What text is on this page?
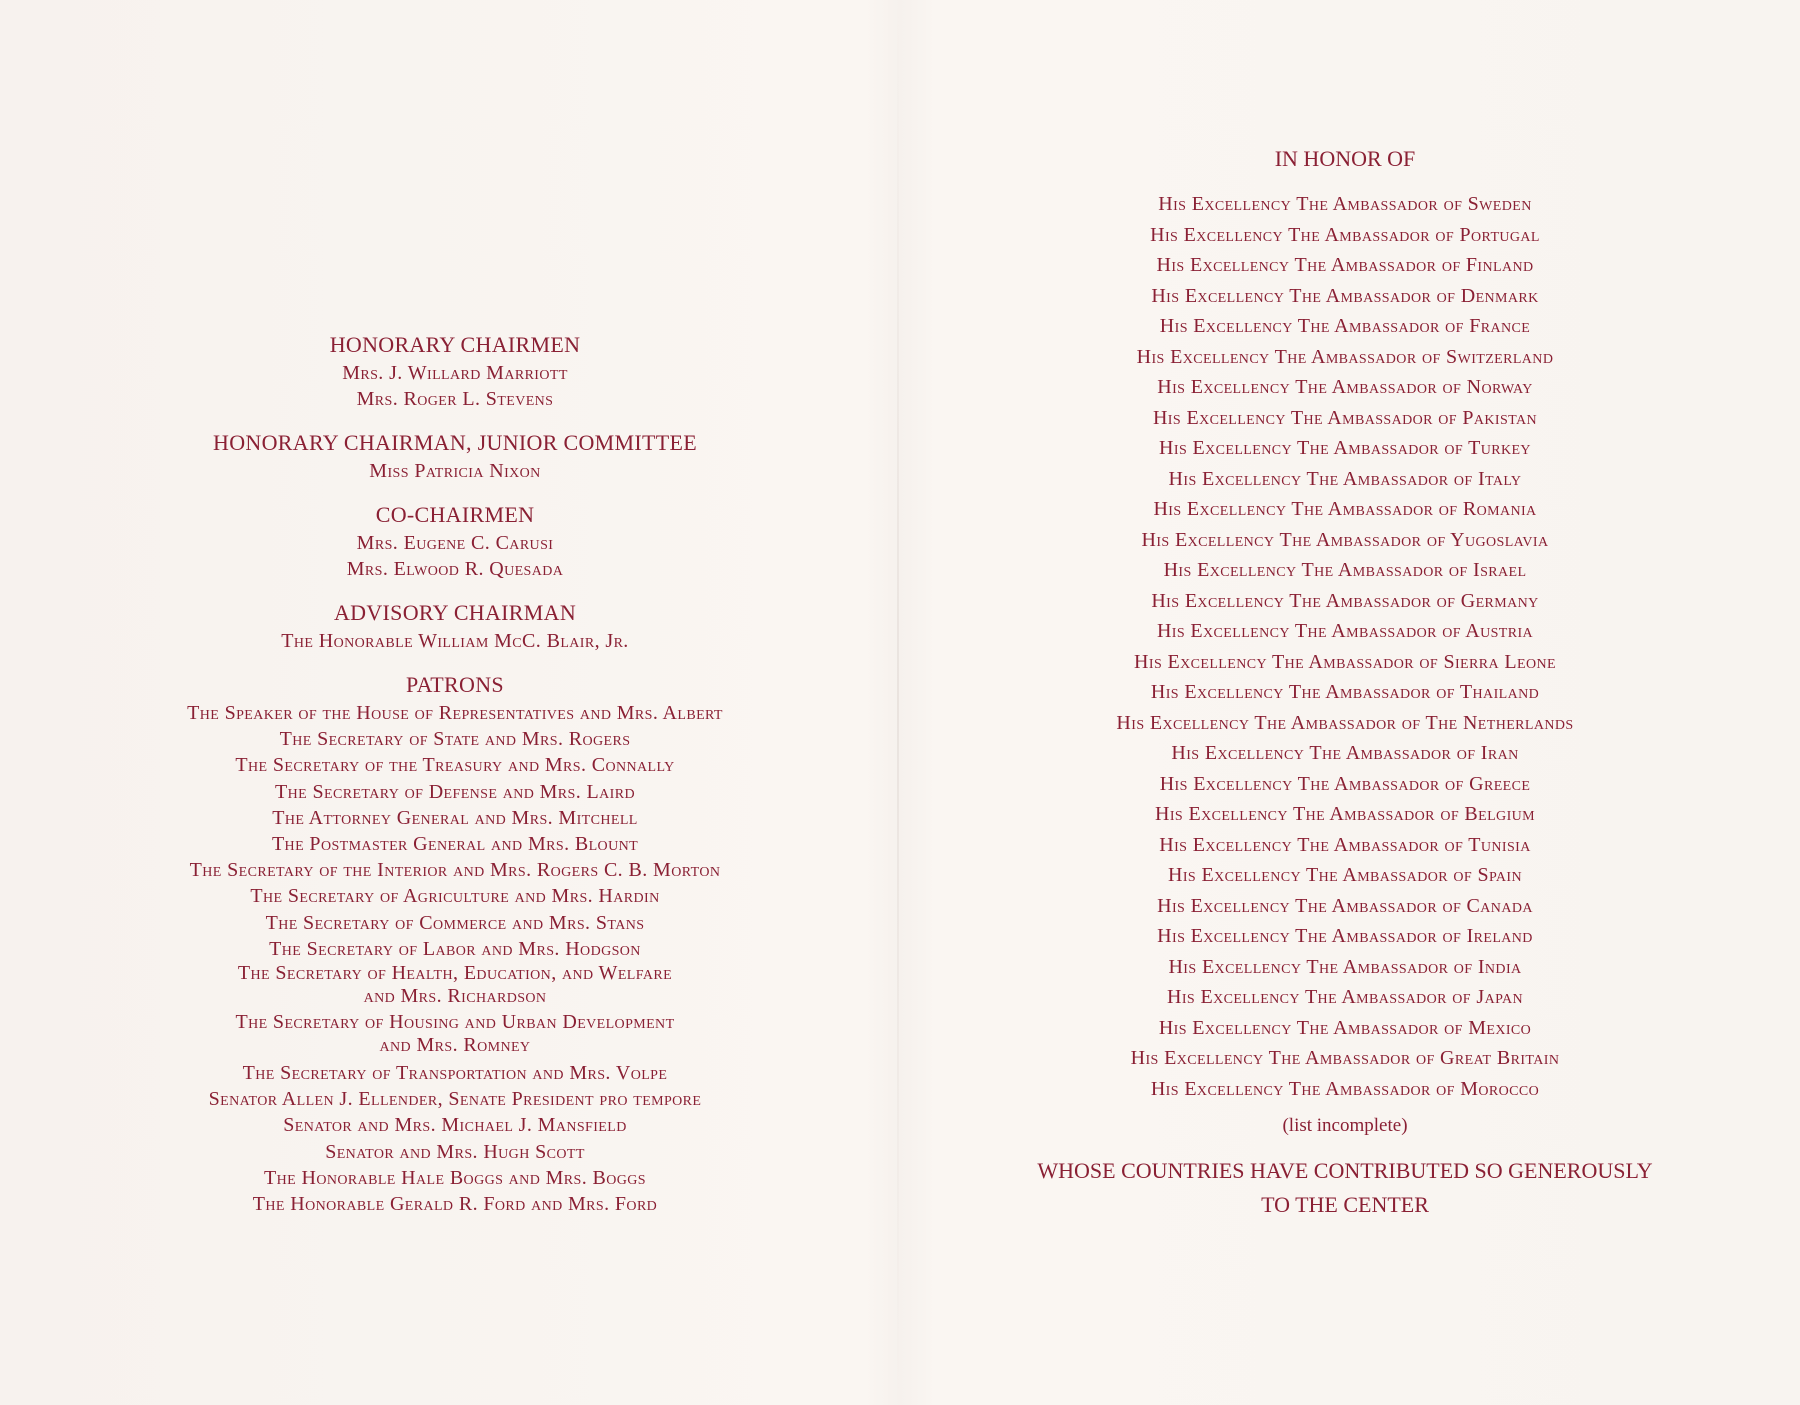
HONORARY CHAIRMEN

Mrs. J. Willard Marriott

Mrs. Roger L. Stevens

HONORARY CHAIRMAN, JUNIOR COMMITTEE

Miss Patricia Nixon

CO-CHAIRMEN

Mrs. Eugene C. Carusi

Mrs. Elwood R. Quesada

ADVISORY CHAIRMAN

The Honorable William McC. Blair, Jr.

PATRONS

The Speaker of the House of Representatives and Mrs. Albert

The Secretary of State and Mrs. Rogers

The Secretary of the Treasury and Mrs. Connally

The Secretary of Defense and Mrs. Laird

The Attorney General and Mrs. Mitchell

The Postmaster General and Mrs. Blount

The Secretary of the Interior and Mrs. Rogers C. B. Morton

The Secretary of Agriculture and Mrs. Hardin

The Secretary of Commerce and Mrs. Stans

The Secretary of Labor and Mrs. Hodgson

The Secretary of Health, Education, and Welfare

and Mrs. Richardson

The Secretary of Housing and Urban Development

and Mrs. Romney

The Secretary of Transportation and Mrs. Volpe

Senator Allen J. Ellender, Senate President pro tempore

Senator and Mrs. Michael J. Mansfield

Senator and Mrs. Hugh Scott

The Honorable Hale Boggs and Mrs. Boggs

The Honorable Gerald R. Ford and Mrs. Ford

IN HONOR OF

His Excellency The Ambassador of Sweden

His Excellency The Ambassador of Portugal

His Excellency The Ambassador of Finland

His Excellency The Ambassador of Denmark

His Excellency The Ambassador of France

His Excellency The Ambassador of Switzerland

His Excellency The Ambassador of Norway

His Excellency The Ambassador of Pakistan

His Excellency The Ambassador of Turkey

His Excellency The Ambassador of Italy

His Excellency The Ambassador of Romania

His Excellency The Ambassador of Yugoslavia

His Excellency The Ambassador of Israel

His Excellency The Ambassador of Germany

His Excellency The Ambassador of Austria

His Excellency The Ambassador of Sierra Leone

His Excellency The Ambassador of Thailand

His Excellency The Ambassador of The Netherlands

His Excellency The Ambassador of Iran

His Excellency The Ambassador of Greece

His Excellency The Ambassador of Belgium

His Excellency The Ambassador of Tunisia

His Excellency The Ambassador of Spain

His Excellency The Ambassador of Canada

His Excellency The Ambassador of Ireland

His Excellency The Ambassador of India

His Excellency The Ambassador of Japan

His Excellency The Ambassador of Mexico

His Excellency The Ambassador of Great Britain

His Excellency The Ambassador of Morocco

(list incomplete)

WHOSE COUNTRIES HAVE CONTRIBUTED SO GENEROUSLY

TO THE CENTER
